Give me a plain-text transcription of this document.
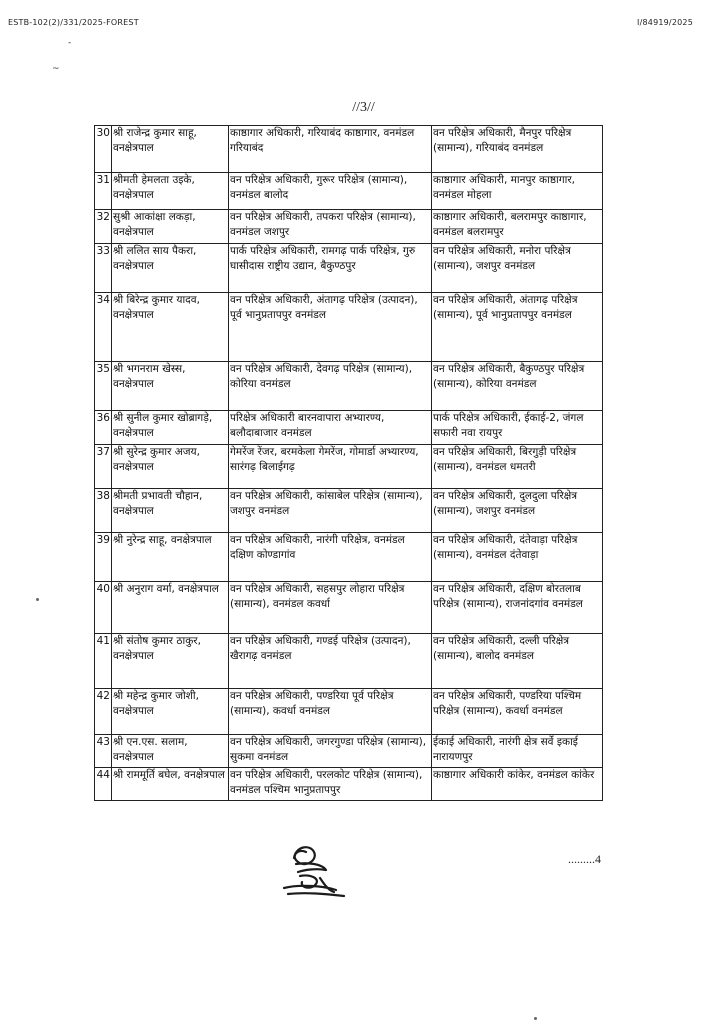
ESTB-102(2)/331/2025-FOREST	I/84919/2025
-
~
//3//
30	श्री राजेन्द्र कुमार साहू, वनक्षेत्रपाल	काष्ठागार अधिकारी, गरियाबंद काष्ठागार, वनमंडल गरियाबंद	वन परिक्षेत्र अधिकारी, मैनपुर परिक्षेत्र (सामान्य), गरियाबंद वनमंडल
31	श्रीमती हेमलता उइके, वनक्षेत्रपाल	वन परिक्षेत्र अधिकारी, गुरूर परिक्षेत्र (सामान्य), वनमंडल बालोद	काष्ठागार अधिकारी, मानपुर काष्ठागार, वनमंडल मोहला
32	सुश्री आकांक्षा लकड़ा, वनक्षेत्रपाल	वन परिक्षेत्र अधिकारी, तपकरा परिक्षेत्र (सामान्य), वनमंडल जशपुर	काष्ठागार अधिकारी, बलरामपुर काष्ठागार, वनमंडल बलरामपुर
33	श्री ललित साय पैकरा, वनक्षेत्रपाल	पार्क परिक्षेत्र अधिकारी, रामगढ़ पार्क परिक्षेत्र, गुरु घासीदास राष्ट्रीय उद्यान, बैकुण्ठपुर	वन परिक्षेत्र अधिकारी, मनोरा परिक्षेत्र (सामान्य), जशपुर वनमंडल
34	श्री बिरेन्द्र कुमार यादव, वनक्षेत्रपाल	वन परिक्षेत्र अधिकारी, अंतागढ़ परिक्षेत्र (उत्पादन), पूर्व भानुप्रतापपुर वनमंडल	वन परिक्षेत्र अधिकारी, अंतागढ़ परिक्षेत्र (सामान्य), पूर्व भानुप्रतापपुर वनमंडल
35	श्री भगनराम खेस्स, वनक्षेत्रपाल	वन परिक्षेत्र अधिकारी, देवगढ़ परिक्षेत्र (सामान्य), कोरिया वनमंडल	वन परिक्षेत्र अधिकारी, बैकुण्ठपुर परिक्षेत्र (सामान्य), कोरिया वनमंडल
36	श्री सुनील कुमार खोब्रागड़े, वनक्षेत्रपाल	परिक्षेत्र अधिकारी बारनवापारा अभ्यारण्य, बलौदाबाजार वनमंडल	पार्क परिक्षेत्र अधिकारी, ईकाई-2, जंगल सफारी नवा रायपुर
37	श्री सुरेन्द्र कुमार अजय, वनक्षेत्रपाल	गेमरेंज रेंजर, बरमकेला गेमरेंज, गोमार्डा अभ्यारण्य, सारंगढ़ बिलाईगढ़	वन परिक्षेत्र अधिकारी, बिरगुड़ी परिक्षेत्र (सामान्य), वनमंडल धमतरी
38	श्रीमती प्रभावती चौहान, वनक्षेत्रपाल	वन परिक्षेत्र अधिकारी, कांसाबेल परिक्षेत्र (सामान्य), जशपुर वनमंडल	वन परिक्षेत्र अधिकारी, दुलदुला परिक्षेत्र (सामान्य), जशपुर वनमंडल
39	श्री नुरेन्द्र साहू, वनक्षेत्रपाल	वन परिक्षेत्र अधिकारी, नारंगी परिक्षेत्र, वनमंडल दक्षिण कोण्डागांव	वन परिक्षेत्र अधिकारी, दंतेवाड़ा परिक्षेत्र (सामान्य), वनमंडल दंतेवाड़ा
40	श्री अनुराग वर्मा, वनक्षेत्रपाल	वन परिक्षेत्र अधिकारी, सहसपुर लोहारा परिक्षेत्र (सामान्य), वनमंडल कवर्धा	वन परिक्षेत्र अधिकारी, दक्षिण बोरतलाब परिक्षेत्र (सामान्य), राजनांदगांव वनमंडल
41	श्री संतोष कुमार ठाकुर, वनक्षेत्रपाल	वन परिक्षेत्र अधिकारी, गण्डई परिक्षेत्र (उत्पादन), खैरागढ़ वनमंडल	वन परिक्षेत्र अधिकारी, दल्ली परिक्षेत्र (सामान्य), बालोद वनमंडल
42	श्री महेन्द्र कुमार जोशी, वनक्षेत्रपाल	वन परिक्षेत्र अधिकारी, पण्डरिया पूर्व परिक्षेत्र (सामान्य), कवर्धा वनमंडल	वन परिक्षेत्र अधिकारी, पण्डरिया पश्चिम परिक्षेत्र (सामान्य), कवर्धा वनमंडल
43	श्री एन.एस. सलाम, वनक्षेत्रपाल	वन परिक्षेत्र अधिकारी, जगरगुण्डा परिक्षेत्र (सामान्य), सुकमा वनमंडल	ईकाई अधिकारी, नारंगी क्षेत्र सर्वे इकाई नारायणपुर
44	श्री राममूर्ति बघेल, वनक्षेत्रपाल	वन परिक्षेत्र अधिकारी, परलकोट परिक्षेत्र (सामान्य), वनमंडल पश्चिम भानुप्रतापपुर	काष्ठागार अधिकारी कांकेर, वनमंडल कांकेर
.........4
